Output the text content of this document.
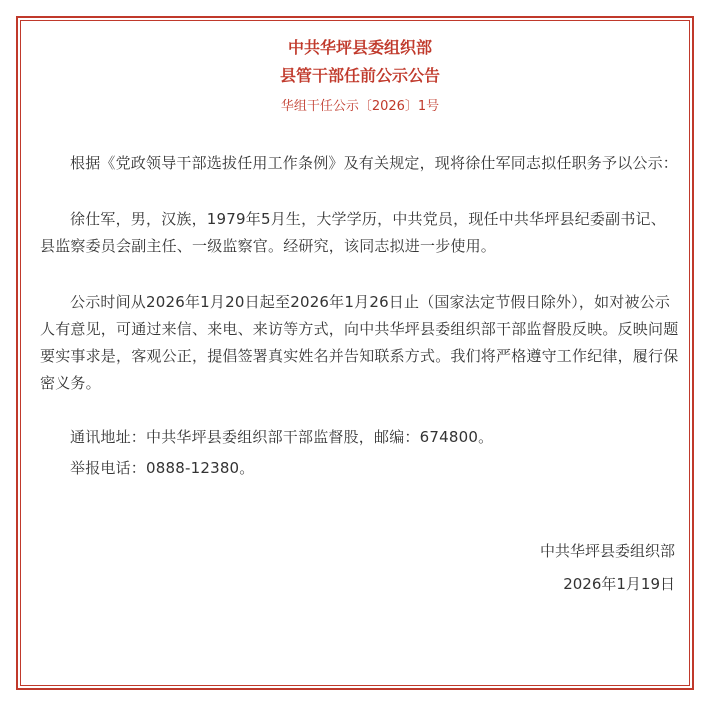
中共华坪县委组织部

县管干部任前公示公告

华组干任公示〔2026〕1号

根据《党政领导干部选拔任用工作条例》及有关规定，现将徐仕军同志拟任职务予以公示：

徐仕军，男，汉族，1979年5月生，大学学历，中共党员，现任中共华坪县纪委副书记、县监察委员会副主任、一级监察官。经研究，该同志拟进一步使用。

公示时间从2026年1月20日起至2026年1月26日止（国家法定节假日除外），如对被公示人有意见，可通过来信、来电、来访等方式，向中共华坪县委组织部干部监督股反映。反映问题要实事求是，客观公正，提倡签署真实姓名并告知联系方式。我们将严格遵守工作纪律，履行保密义务。

通讯地址：中共华坪县委组织部干部监督股，邮编：674800。

举报电话：0888-12380。

中共华坪县委组织部

2026年1月19日
